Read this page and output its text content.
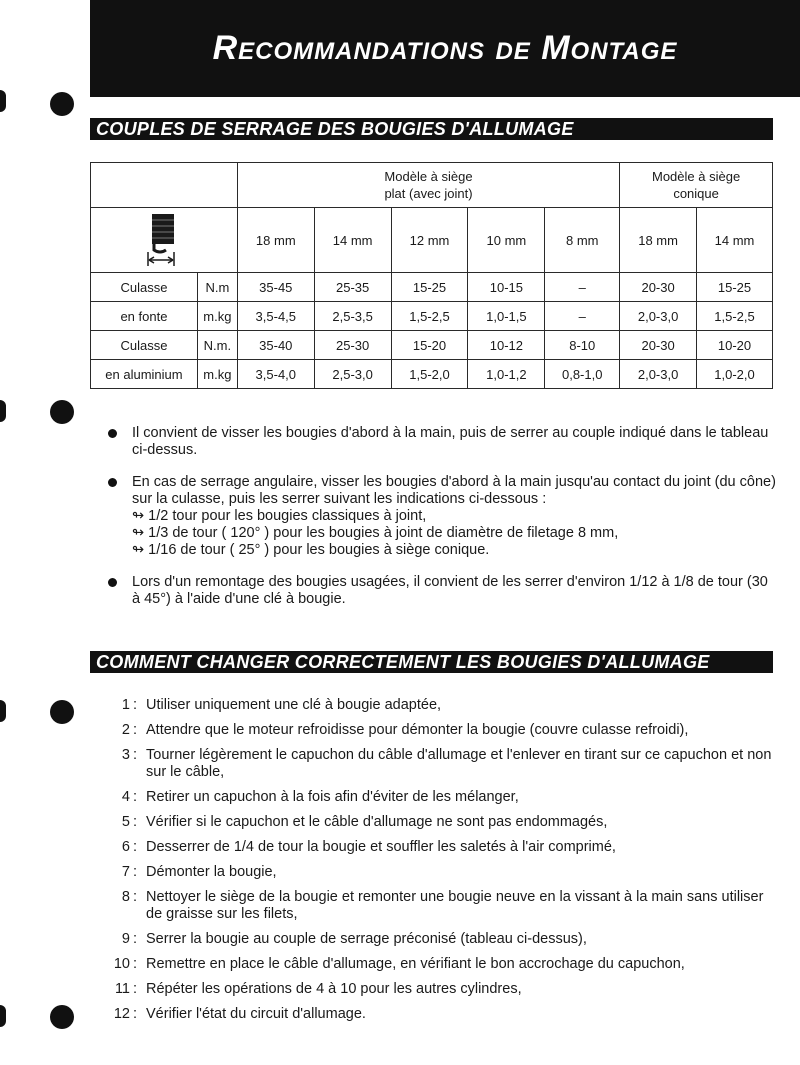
Recommandations de Montage
COUPLES DE SERRAGE DES BOUGIES D'ALLUMAGE
		Modèle à siège
plat (avec joint)					Modèle à siège
conique	

	18 mm	14 mm	12 mm	10 mm	8 mm	18 mm	14 mm
Culasse	N.m	35-45	25-35	15-25	10-15	–	20-30	15-25
en fonte	m.kg	3,5-4,5	2,5-3,5	1,5-2,5	1,0-1,5	–	2,0-3,0	1,5-2,5
Culasse	N.m.	35-40	25-30	15-20	10-12	8-10	20-30	10-20
en aluminium	m.kg	3,5-4,0	2,5-3,0	1,5-2,0	1,0-1,2	0,8-1,0	2,0-3,0	1,0-2,0
Il convient de visser les bougies d'abord à la main, puis de serrer au couple indiqué dans le tableau ci-dessus.
En cas de serrage angulaire, visser les bougies d'abord à la main jusqu'au contact du joint (du cône) sur la culasse, puis les serrer suivant les indications ci-dessous :
↬ 1/2 tour pour les bougies classiques à joint,
↬ 1/3 de tour ( 120° ) pour les bougies à joint de diamètre de filetage 8 mm,
↬ 1/16 de tour ( 25° ) pour les bougies à siège conique.
Lors d'un remontage des bougies usagées, il convient de les serrer d'environ 1/12 à 1/8 de tour (30 à 45°) à l'aide d'une clé à bougie.
COMMENT CHANGER CORRECTEMENT LES BOUGIES D'ALLUMAGE
1 : Utiliser uniquement une clé à bougie adaptée,
2 : Attendre que le moteur refroidisse pour démonter la bougie (couvre culasse refroidi),
3 : Tourner légèrement le capuchon du câble d'allumage et l'enlever en tirant sur ce capuchon et non sur le câble,
4 : Retirer un capuchon à la fois afin d'éviter de les mélanger,
5 : Vérifier si le capuchon et le câble d'allumage ne sont pas endommagés,
6 : Desserrer de 1/4 de tour la bougie et souffler les saletés à l'air comprimé,
7 : Démonter la bougie,
8 : Nettoyer le siège de la bougie et remonter une bougie neuve en la vissant à la main sans utiliser de graisse sur les filets,
9 : Serrer la bougie au couple de serrage préconisé (tableau ci-dessus),
10 : Remettre en place le câble d'allumage, en vérifiant le bon accrochage du capuchon,
11 : Répéter les opérations de 4 à 10 pour les autres cylindres,
12 : Vérifier l'état du circuit d'allumage.
